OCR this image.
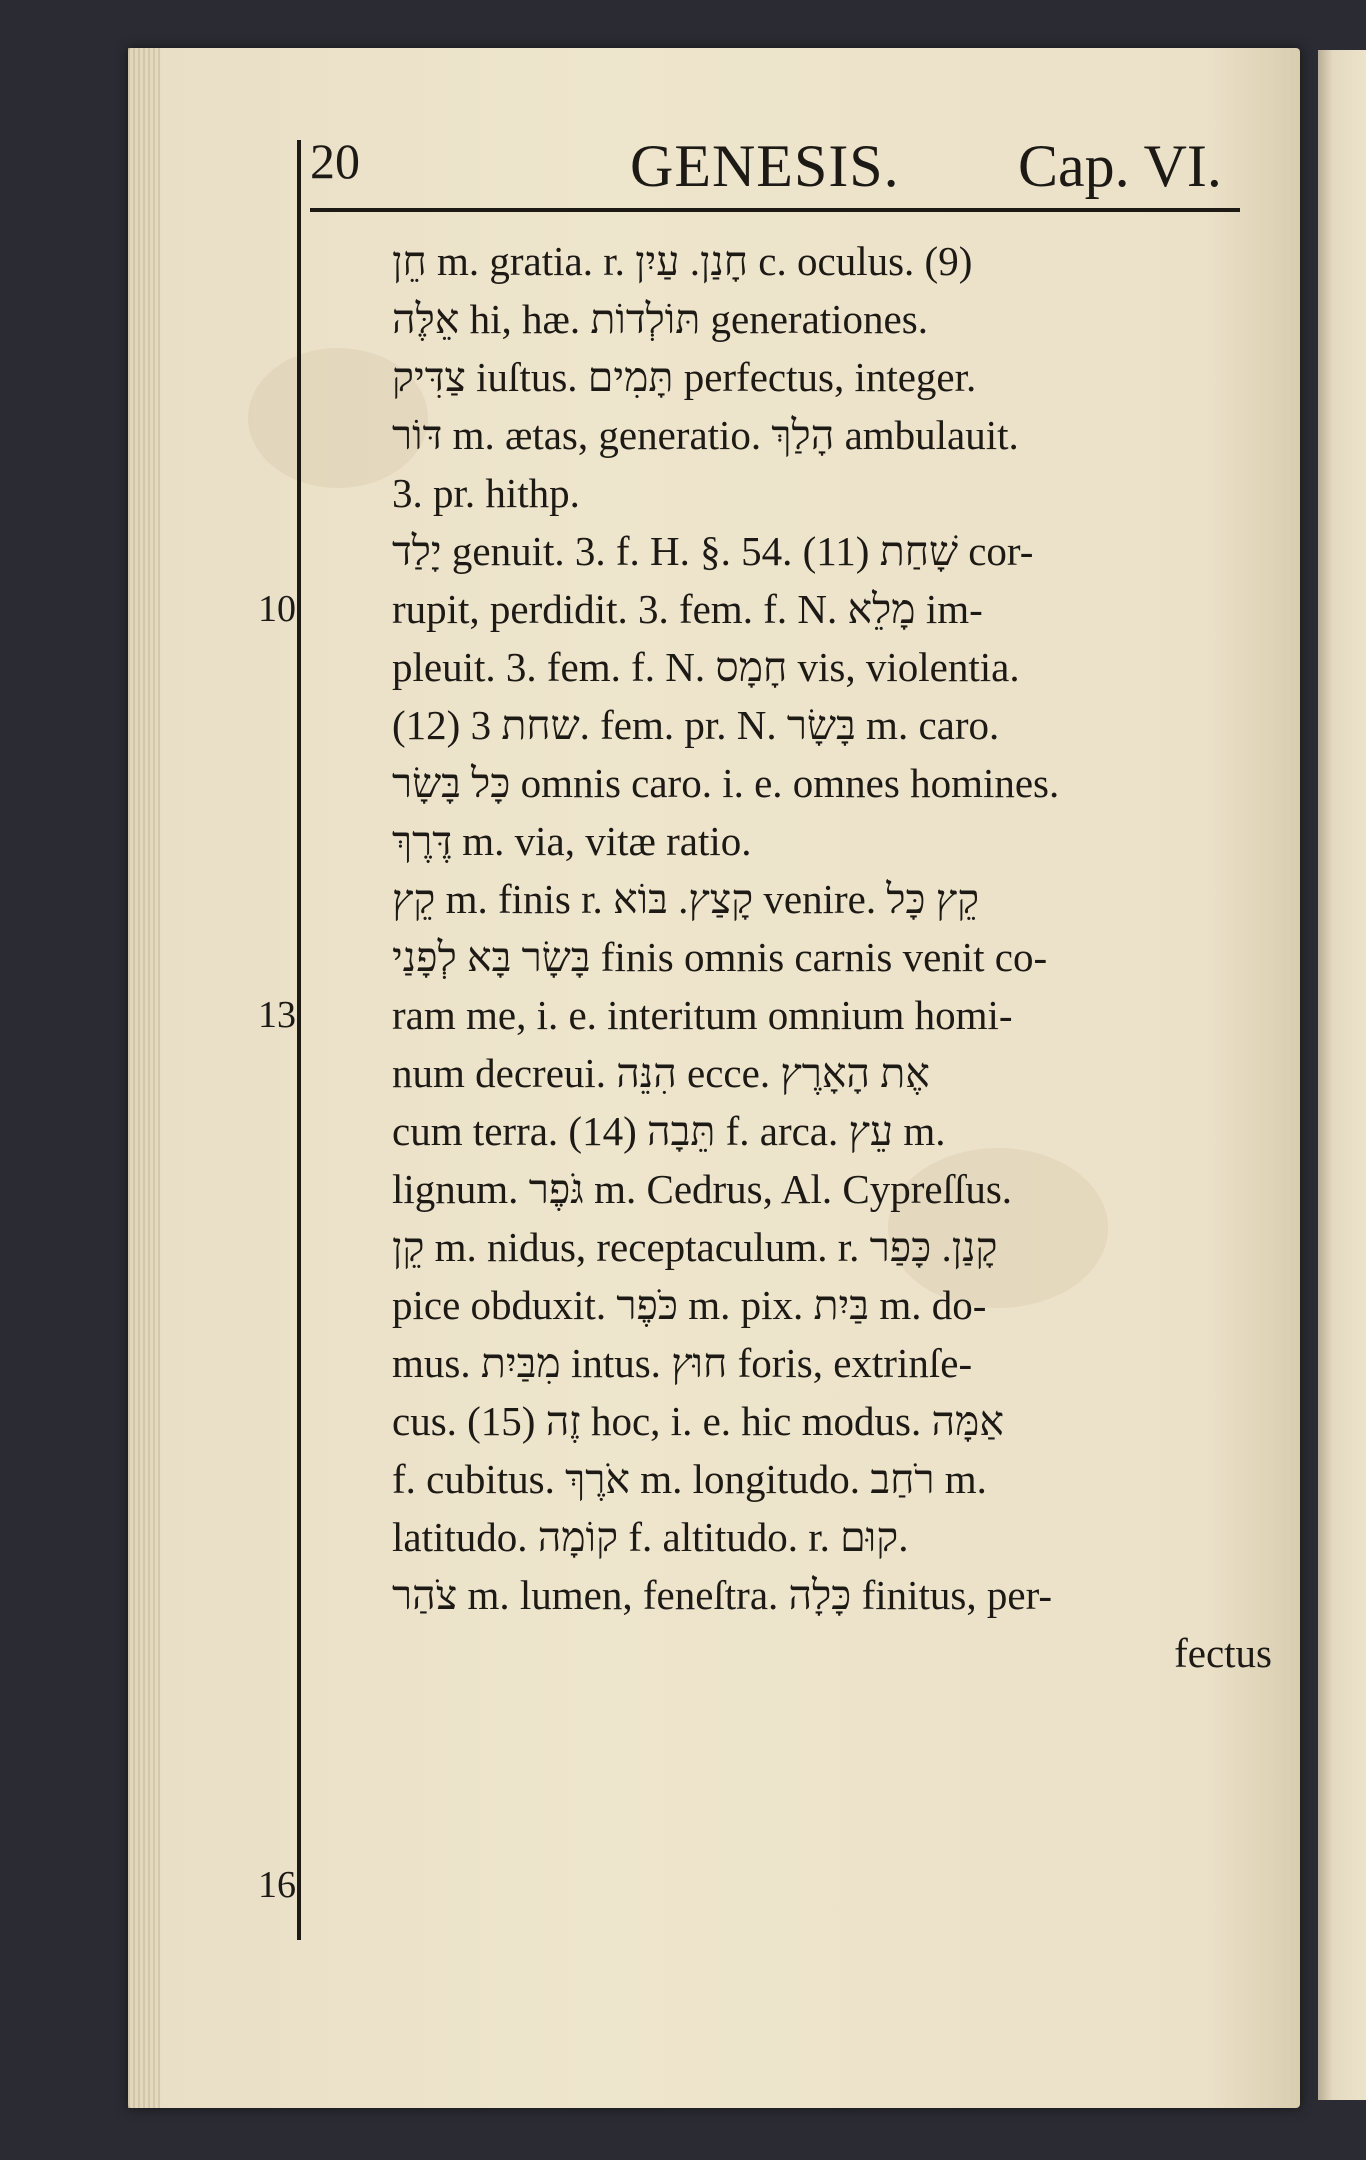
20	GENESIS. Cap. VI.
10
13
16
חֵן m. gratia. r. חָנַן. עַיִן c. oculus. (9)
אֵלֶּה hi, hæ. תּוֹלְדוֹת generationes.
צַדִּיק iuſtus. תָּמִים perfectus, integer.
דּוֹר m. ætas, generatio. הָלַךְ ambulauit.
3. pr. hithp.
יָלַד genuit. 3. f. H. §. 54. (11) שָׁחַת cor-
rupit, perdidit. 3. fem. f. N. מָלֵא im-
pleuit. 3. fem. f. N. חָמָס vis, violentia.
(12) שחת 3. fem. pr. N. בָּשָׂר m. caro.
כָּל בָּשָׂר omnis caro. i. e. omnes homines.
דֶּרֶךְ m. via, vitæ ratio.
קֵץ m. finis r. קָצַץ. בּוֹא venire. קֵץ כָּל
בָּשָׂר בָּא לְפָנַי finis omnis carnis venit co-
ram me, i. e. interitum omnium homi-
num decreui. הִנֵּה ecce. אֶת הָאָרֶץ
cum terra. (14) תֵּבָה f. arca. עֵץ m.
lignum. גֹּפֶר m. Cedrus, Al. Cypreſſus.
קֵן m. nidus, receptaculum. r. קָנַן. כָּפַר
pice obduxit. כֹּפֶר m. pix. בַּיִת m. do-
mus. מִבַּיִת intus. חוּץ foris, extrinſe-
cus. (15) זֶה hoc, i. e. hic modus. אַמָּה
f. cubitus. אֹרֶךְ m. longitudo. רֹחַב m.
latitudo. קוֹמָה f. altitudo. r. קוּם.
צֹהַר m. lumen, feneſtra. כָּלָה finitus, per-
fectus
